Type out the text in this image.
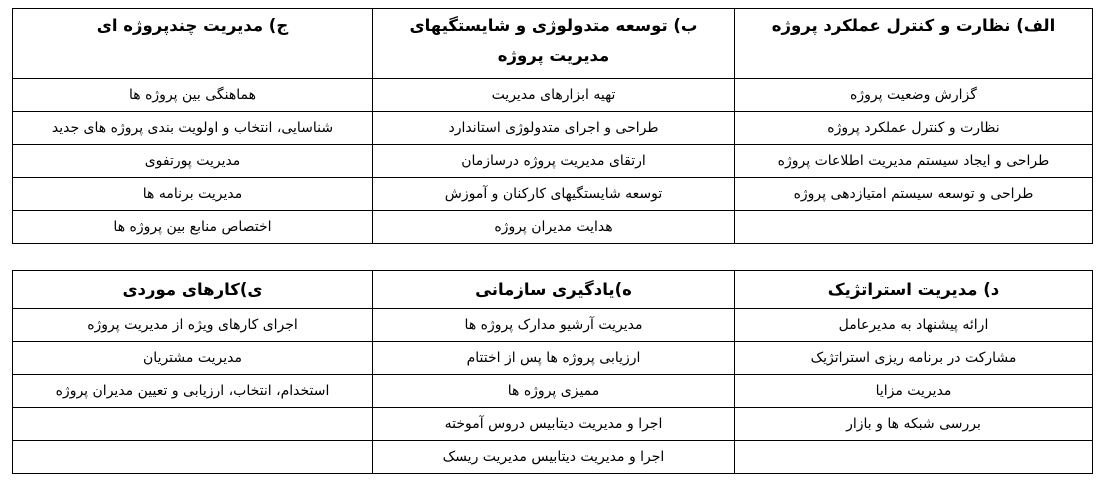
الف) نظارت و کنترل عملکرد پروژه	ب) توسعه متدولوژی و شایستگیهای مدیریت پروژه	ج) مدیریت چندپروژه ای
گزارش وضعیت پروژه	تهیه ابزارهای مدیریت	هماهنگی بین پروژه ها
نظارت و کنترل عملکرد پروژه	طراحی و اجرای متدولوژی استاندارد	شناسایی، انتخاب و اولویت بندی پروژه های جدید
طراحی و ایجاد سیستم مدیریت اطلاعات پروژه	ارتقای مدیریت پروژه درسازمان	مدیریت پورتفوی
طراحی و توسعه سیستم امتیازدهی پروژه	توسعه شایستگیهای کارکنان و آموزش	مدیریت برنامه ها
	هدایت مدیران پروژه	اختصاص منابع بین پروژه ها
د) مدیریت استراتژیک	ه)یادگیری سازمانی	ی)کارهای موردی
ارائه پیشنهاد به مدیرعامل	مدیریت آرشیو مدارک پروژه ها	اجرای کارهای ویژه از مدیریت پروژه
مشارکت در برنامه ریزی استراتژیک	ارزیابی پروژه ها پس از اختتام	مدیریت مشتریان
مدیریت مزایا	ممیزی پروژه ها	استخدام، انتخاب، ارزیابی و تعیین مدیران پروژه
بررسی شبکه ها و بازار	اجرا و مدیریت دیتابیس دروس آموخته	
	اجرا و مدیریت دیتابیس مدیریت ریسک	
